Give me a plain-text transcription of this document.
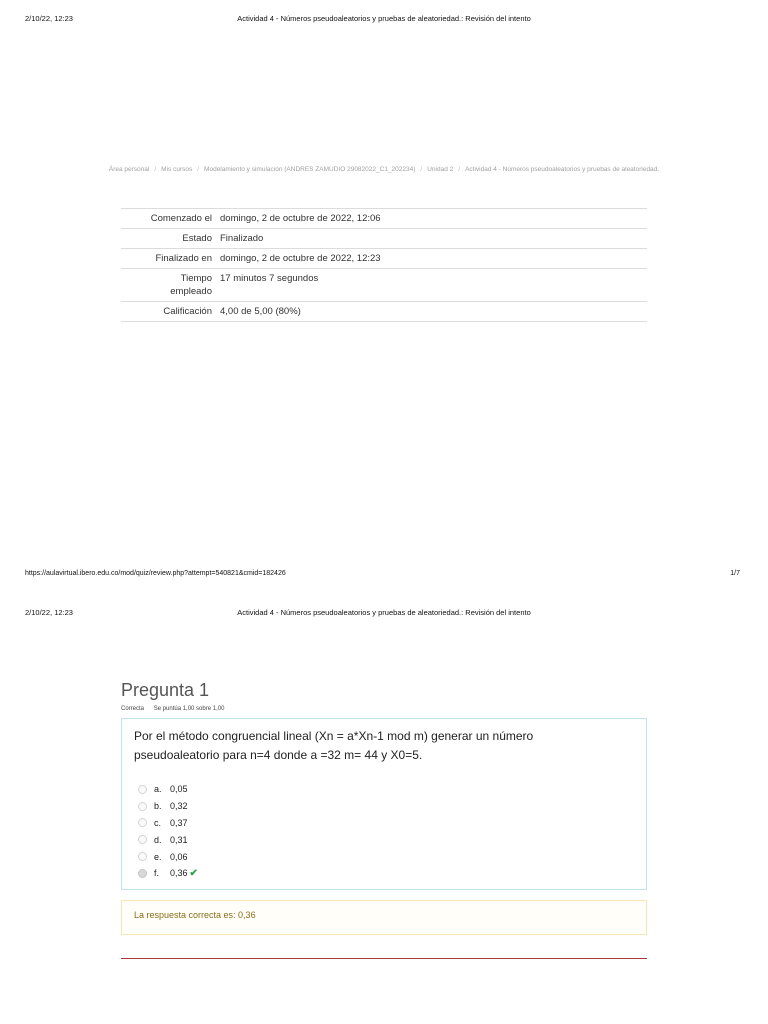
2/10/22, 12:23	Actividad 4 - Números pseudoaleatorios y pruebas de aleatoriedad.: Revisión del intento
Área personal / Mis cursos / Modelamiento y simulación (ANDRES ZAMUDIO 29082022_C1_202234) / Unidad 2 / Actividad 4 - Números pseudoaleatorios y pruebas de aleatoriedad.
Comenzado el domingo, 2 de octubre de 2022, 12:06
Estado Finalizado
Finalizado en domingo, 2 de octubre de 2022, 12:23
Tiempo empleado
17 minutos 7 segundos
Calificación 4,00 de 5,00 (80%)
https://aulavirtual.ibero.edu.co/mod/quiz/review.php?attempt=540821&cmid=182426	1/7
2/10/22, 12:23	Actividad 4 - Números pseudoaleatorios y pruebas de aleatoriedad.: Revisión del intento
Pregunta 1
Correcta Se puntúa 1,00 sobre 1,00
Por el método congruencial lineal (Xn = a*Xn-1 mod m) generar un número pseudoaleatorio para n=4 donde a =32 m= 44 y X0=5.
a. 0,05
b. 0,32
c. 0,37
d. 0,31
e. 0,06
f.	0,36 ✔
La respuesta correcta es: 0,36
